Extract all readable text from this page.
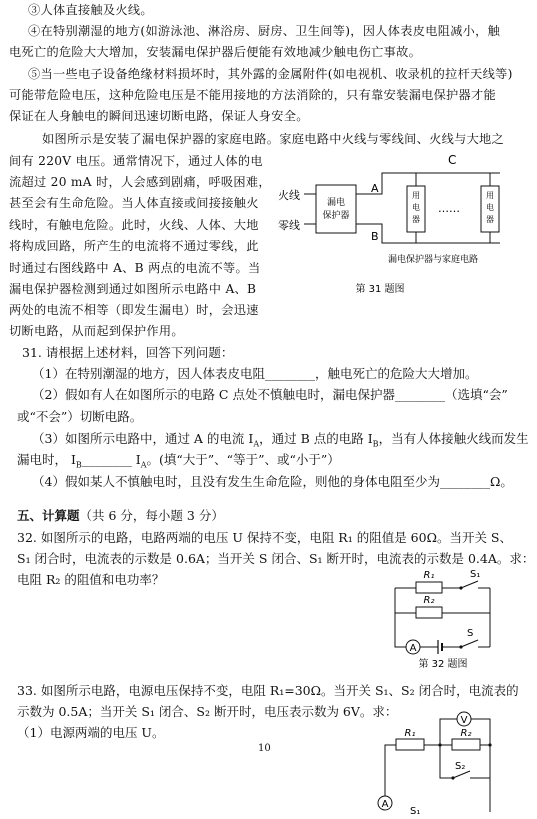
③人体直接触及火线。
④在特别潮湿的地方(如游泳池、淋浴房、厨房、卫生间等)，因人体表皮电阻减小，触
电死亡的危险大大增加，安装漏电保护器后便能有效地减少触电伤亡事故。
⑤当一些电子设备绝缘材料损坏时，其外露的金属附件(如电视机、收录机的拉杆天线等)
可能带危险电压，这种危险电压是不能用接地的方法消除的，只有靠安装漏电保护器才能
保证在人身触电的瞬间迅速切断电路，保证人身安全。
如图所示是安装了漏电保护器的家庭电路。家庭电路中火线与零线间、火线与大地之
间有 220V 电压。通常情况下，通过人体的电
流超过 20 mA 时，人会感到剧痛，呼吸困难，
甚至会有生命危险。当人体直接或间接接触火
线时，有触电危险。此时，火线、人体、大地
将构成回路，所产生的电流将不通过零线，此
时通过右图线路中 A、B 两点的电流不等。当
漏电保护器检测到通过如图所示电路中 A、B
两处的电流不相等（即发生漏电）时，会迅速
切断电路，从而起到保护作用。
火线
零线
漏电
保护器
A
B
C
用
电
器
……
用
电
器
漏电保护器与家庭电路
第 31 题图
31. 请根据上述材料，回答下列问题：
（1）在特别潮湿的地方，因人体表皮电阻________，触电死亡的危险大大增加。
（2）假如有人在如图所示的电路 C 点处不慎触电时，漏电保护器________（选填“会”
或“不会”）切断电路。
（3）如图所示电路中，通过 A 的电流 $I_A$，通过 B 点的电路 $I_B$，当有人体接触火线而发生
漏电时， $I_B\_\_\_\_\_\_\_\_$ $I_A$。(填“大于”、“等于”、或“小于”）
（4）假如某人不慎触电时，且没有发生生命危险，则他的身体电阻至少为________Ω。
五、计算题（共 6 分，每小题 3 分）
32. 如图所示的电路，电路两端的电压 U 保持不变，电阻 R₁ 的阻值是 60Ω。当开关 S、
S₁ 闭合时，电流表的示数是 0.6A；当开关 S 闭合、S₁ 断开时，电流表的示数是 0.4A。求：
电阻 R₂ 的阻值和电功率？	R₁	S₁
R₂
A
S
第 32 题图
33. 如图所示电路，电源电压保持不变，电阻 R₁=30Ω。当开关 S₁、S₂ 闭合时，电流表的
示数为 0.5A；当开关 S₁ 闭合、S₂ 断开时，电压表示数为 6V。求：
（1）电源两端的电压 U。
10
V
R₁	R₂
S₂
A
S₁
